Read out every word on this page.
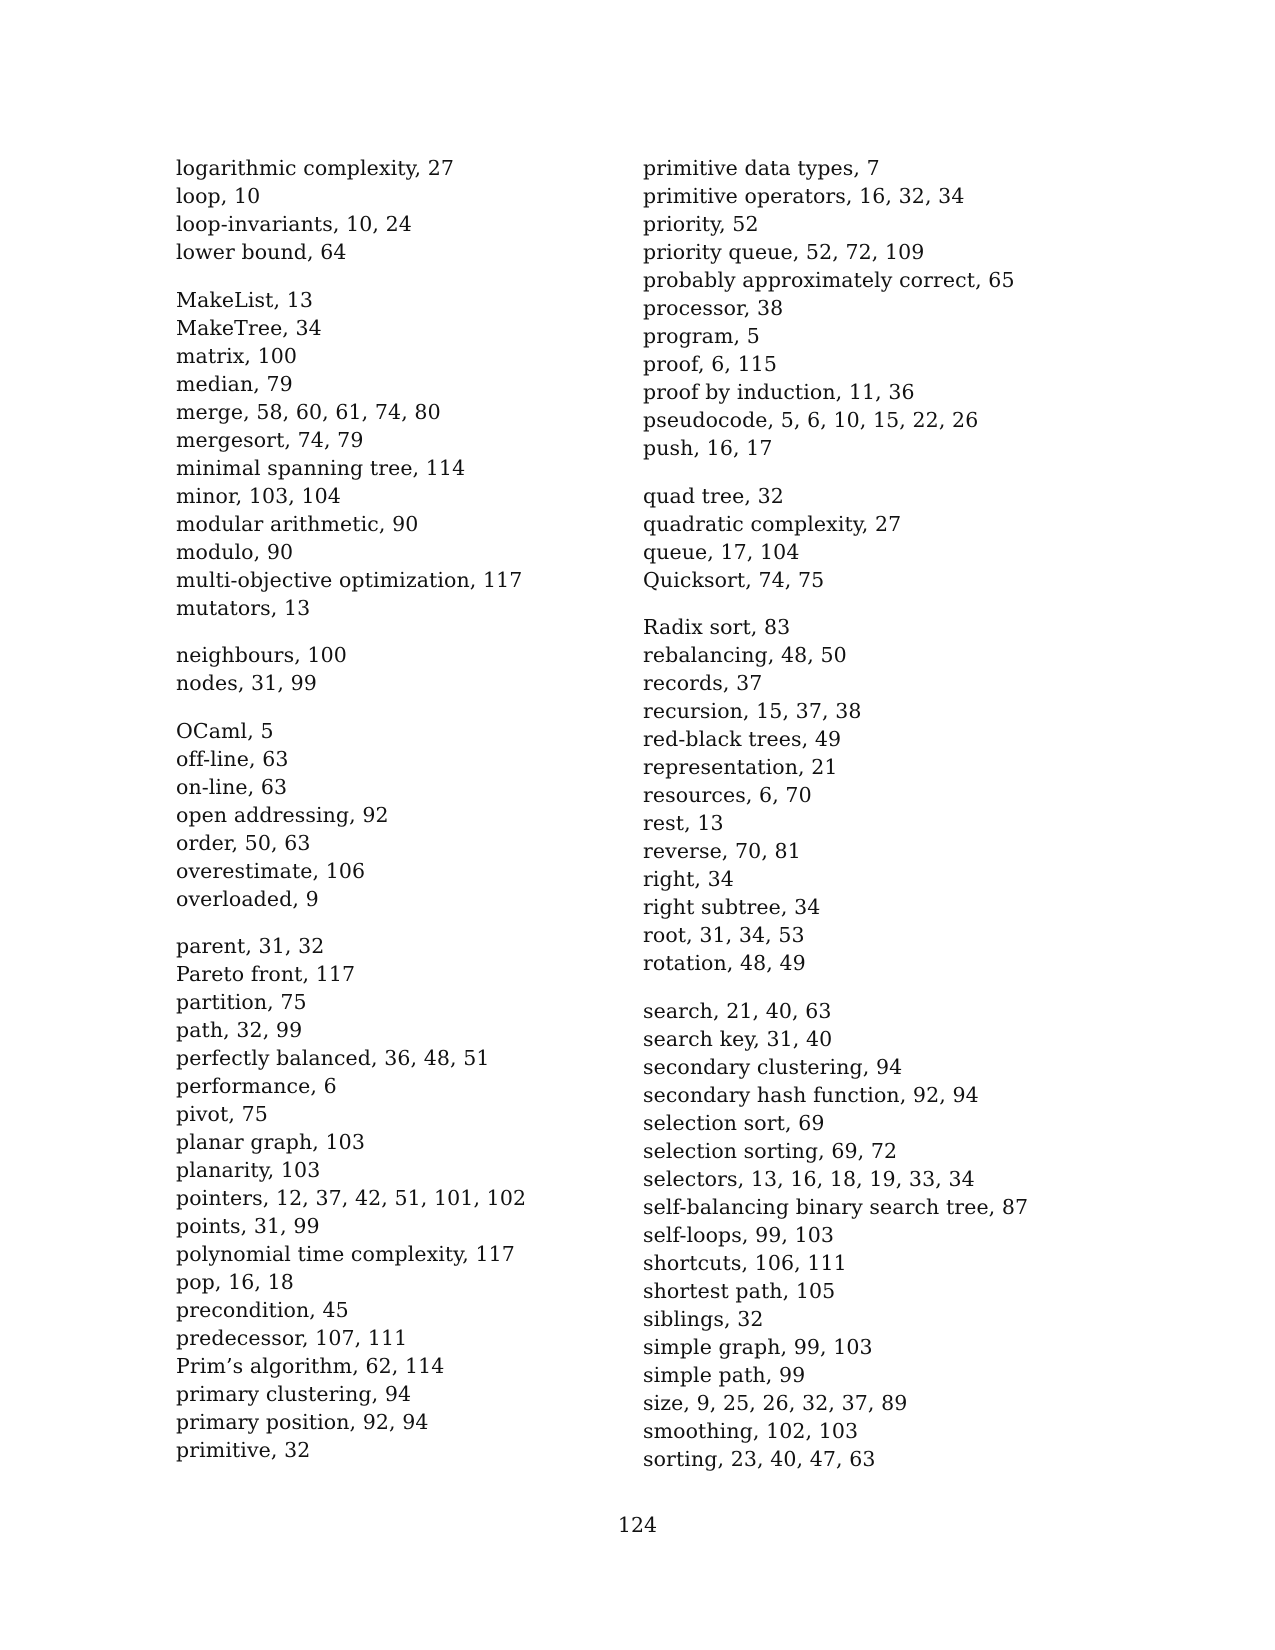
logarithmic complexity, 27
loop, 10
loop-invariants, 10, 24
lower bound, 64
MakeList, 13
MakeTree, 34
matrix, 100
median, 79
merge, 58, 60, 61, 74, 80
mergesort, 74, 79
minimal spanning tree, 114
minor, 103, 104
modular arithmetic, 90
modulo, 90
multi-objective optimization, 117
mutators, 13
neighbours, 100
nodes, 31, 99
OCaml, 5
off-line, 63
on-line, 63
open addressing, 92
order, 50, 63
overestimate, 106
overloaded, 9
parent, 31, 32
Pareto front, 117
partition, 75
path, 32, 99
perfectly balanced, 36, 48, 51
performance, 6
pivot, 75
planar graph, 103
planarity, 103
pointers, 12, 37, 42, 51, 101, 102
points, 31, 99
polynomial time complexity, 117
pop, 16, 18
precondition, 45
predecessor, 107, 111
Prim’s algorithm, 62, 114
primary clustering, 94
primary position, 92, 94
primitive, 32
primitive data types, 7
primitive operators, 16, 32, 34
priority, 52
priority queue, 52, 72, 109
probably approximately correct, 65
processor, 38
program, 5
proof, 6, 115
proof by induction, 11, 36
pseudocode, 5, 6, 10, 15, 22, 26
push, 16, 17
quad tree, 32
quadratic complexity, 27
queue, 17, 104
Quicksort, 74, 75
Radix sort, 83
rebalancing, 48, 50
records, 37
recursion, 15, 37, 38
red-black trees, 49
representation, 21
resources, 6, 70
rest, 13
reverse, 70, 81
right, 34
right subtree, 34
root, 31, 34, 53
rotation, 48, 49
search, 21, 40, 63
search key, 31, 40
secondary clustering, 94
secondary hash function, 92, 94
selection sort, 69
selection sorting, 69, 72
selectors, 13, 16, 18, 19, 33, 34
self-balancing binary search tree, 87
self-loops, 99, 103
shortcuts, 106, 111
shortest path, 105
siblings, 32
simple graph, 99, 103
simple path, 99
size, 9, 25, 26, 32, 37, 89
smoothing, 102, 103
sorting, 23, 40, 47, 63
124
